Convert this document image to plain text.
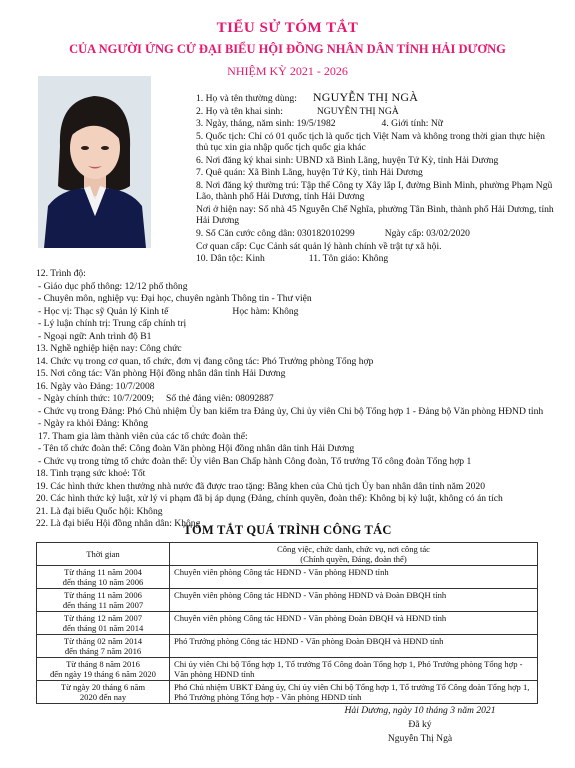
TIỂU SỬ TÓM TẮT
CỦA NGƯỜI ỨNG CỬ ĐẠI BIỂU HỘI ĐỒNG NHÂN DÂN TỈNH HẢI DƯƠNG
NHIỆM KỲ 2021 - 2026

1. Họ và tên thường dùng: NGUYỄN THỊ NGÀ

2. Họ và tên khai sinh:	NGUYỄN THỊ NGÀ

3. Ngày, tháng, năm sinh: 19/5/1982	4. Giới tính: Nữ

5. Quốc tịch: Chỉ có 01 quốc tịch là quốc tịch Việt Nam và không trong thời gian thực hiện thủ tục xin gia nhập quốc tịch quốc gia khác

6. Nơi đăng ký khai sinh: UBND xã Bình Lãng, huyện Tứ Kỳ, tỉnh Hải Dương

7. Quê quán: Xã Bình Lãng, huyện Tứ Kỳ, tỉnh Hải Dương

8. Nơi đăng ký thường trú: Tập thể Công ty Xây lắp I, đường Bình Minh, phường Phạm Ngũ Lão, thành phố Hải Dương, tỉnh Hải Dương

Nơi ở hiện nay: Số nhà 45 Nguyễn Chế Nghĩa, phường Tân Bình, thành phố Hải Dương, tỉnh Hải Dương

9. Số Căn cước công dân: 030182010299	Ngày cấp: 03/02/2020

Cơ quan cấp: Cục Cảnh sát quản lý hành chính về trật tự xã hội.

10. Dân tộc: Kinh	11. Tôn giáo: Không

12. Trình độ:

- Giáo dục phổ thông: 12/12 phổ thông

- Chuyên môn, nghiệp vụ: Đại học, chuyên ngành Thông tin - Thư viện

- Học vị: Thạc sỹ Quản lý Kinh tế	Học hàm: Không

- Lý luận chính trị: Trung cấp chính trị

- Ngoại ngữ: Anh trình độ B1

13. Nghề nghiệp hiện nay: Công chức

14. Chức vụ trong cơ quan, tổ chức, đơn vị đang công tác: Phó Trưởng phòng Tổng hợp

15. Nơi công tác: Văn phòng Hội đồng nhân dân tỉnh Hải Dương

16. Ngày vào Đảng: 10/7/2008

- Ngày chính thức: 10/7/2009; Số thẻ đảng viên: 08092887

- Chức vụ trong Đảng: Phó Chủ nhiệm Ủy ban kiểm tra Đảng ủy, Chi ủy viên Chi bộ Tổng hợp 1 - Đảng bộ Văn phòng HĐND tỉnh

- Ngày ra khỏi Đảng: Không

17. Tham gia làm thành viên của các tổ chức đoàn thể:

- Tên tổ chức đoàn thể: Công đoàn Văn phòng Hội đồng nhân dân tỉnh Hải Dương

- Chức vụ trong từng tổ chức đoàn thể: Ủy viên Ban Chấp hành Công đoàn, Tổ trưởng Tổ công đoàn Tổng hợp 1

18. Tình trạng sức khoẻ: Tốt

19. Các hình thức khen thưởng nhà nước đã được trao tặng: Bằng khen của Chủ tịch Ủy ban nhân dân tỉnh năm 2020

20. Các hình thức kỷ luật, xử lý vi phạm đã bị áp dụng (Đảng, chính quyền, đoàn thể): Không bị kỷ luật, không có án tích

21. Là đại biểu Quốc hội: Không

22. Là đại biểu Hội đồng nhân dân: Không

TÓM TẮT QUÁ TRÌNH CÔNG TÁC
Thời gian	Công việc, chức danh, chức vụ, nơi công tác
(Chính quyền, Đảng, đoàn thể)

Từ tháng 11 năm 2004
đến tháng 10 năm 2006	Chuyên viên phòng Công tác HĐND - Văn phòng HĐND tỉnh

Từ tháng 11 năm 2006
đến tháng 11 năm 2007	Chuyên viên phòng Công tác HĐND - Văn phòng HĐND và Đoàn ĐBQH tỉnh

Từ tháng 12 năm 2007
đến tháng 01 năm 2014	Chuyên viên phòng Công tác HĐND - Văn phòng Đoàn ĐBQH và HĐND tỉnh

Từ tháng 02 năm 2014
đến tháng 7 năm 2016	Phó Trưởng phòng Công tác HĐND - Văn phòng Đoàn ĐBQH và HĐND tỉnh

Từ tháng 8 năm 2016
đến ngày 19 tháng 6 năm 2020	Chi ủy viên Chi bộ Tổng hợp 1, Tổ trưởng Tổ Công đoàn Tổng hợp 1, Phó Trưởng phòng Tổng hợp - Văn phòng HĐND tỉnh

Từ ngày 20 tháng 6 năm
2020 đến nay	Phó Chủ nhiệm UBKT Đảng ủy, Chi ủy viên Chi bộ Tổng hợp 1, Tổ trưởng Tổ Công đoàn Tổng hợp 1, Phó Trưởng phòng Tổng hợp - Văn phòng HĐND tỉnh
Hải Dương, ngày 10 tháng 3 năm 2021
Đã ký
Nguyễn Thị Ngà
